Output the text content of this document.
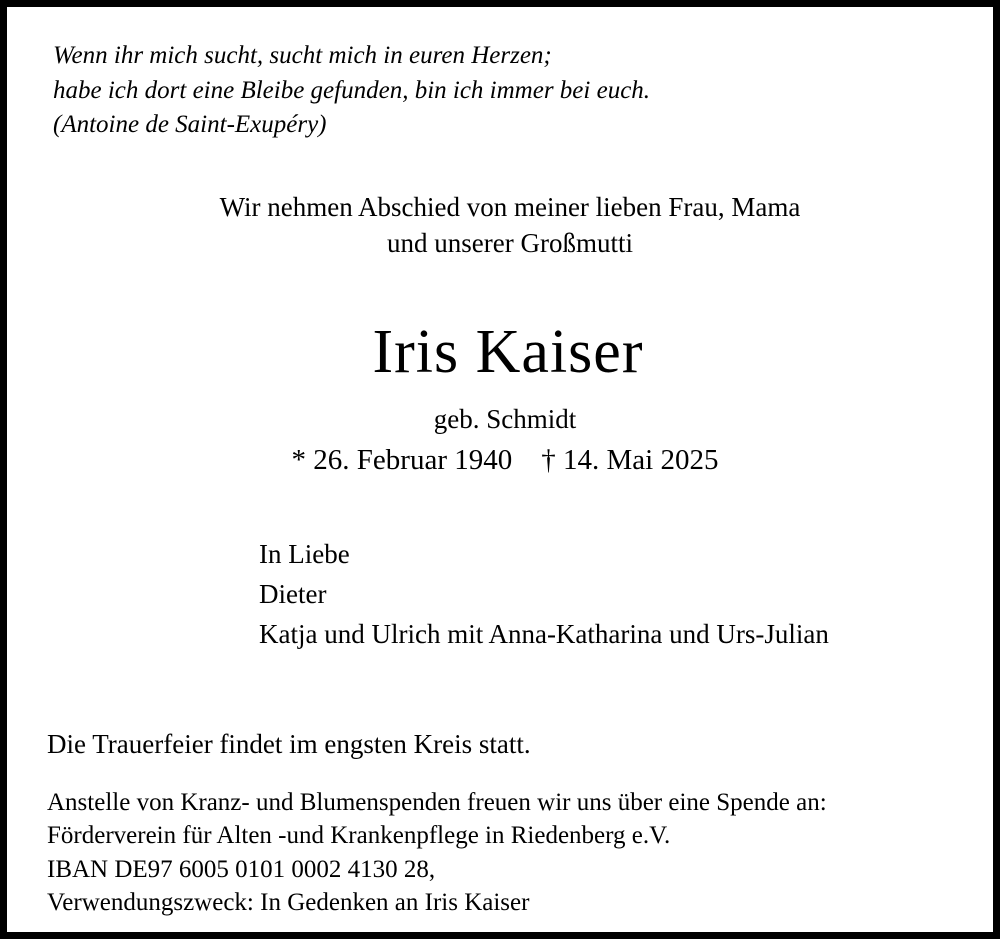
Wenn ihr mich sucht, sucht mich in euren Herzen;
habe ich dort eine Bleibe gefunden, bin ich immer bei euch.
(Antoine de Saint-Exupéry)
Wir nehmen Abschied von meiner lieben Frau, Mama
und unserer Großmutti
Iris Kaiser
geb. Schmidt
* 26. Februar 1940    † 14. Mai 2025
In Liebe
Dieter
Katja und Ulrich mit Anna-Katharina und Urs-Julian
Die Trauerfeier findet im engsten Kreis statt.
Anstelle von Kranz- und Blumenspenden freuen wir uns über eine Spende an:
Förderverein für Alten -und Krankenpflege in Riedenberg e.V.
IBAN DE97 6005 0101 0002 4130 28,
Verwendungszweck: In Gedenken an Iris Kaiser
